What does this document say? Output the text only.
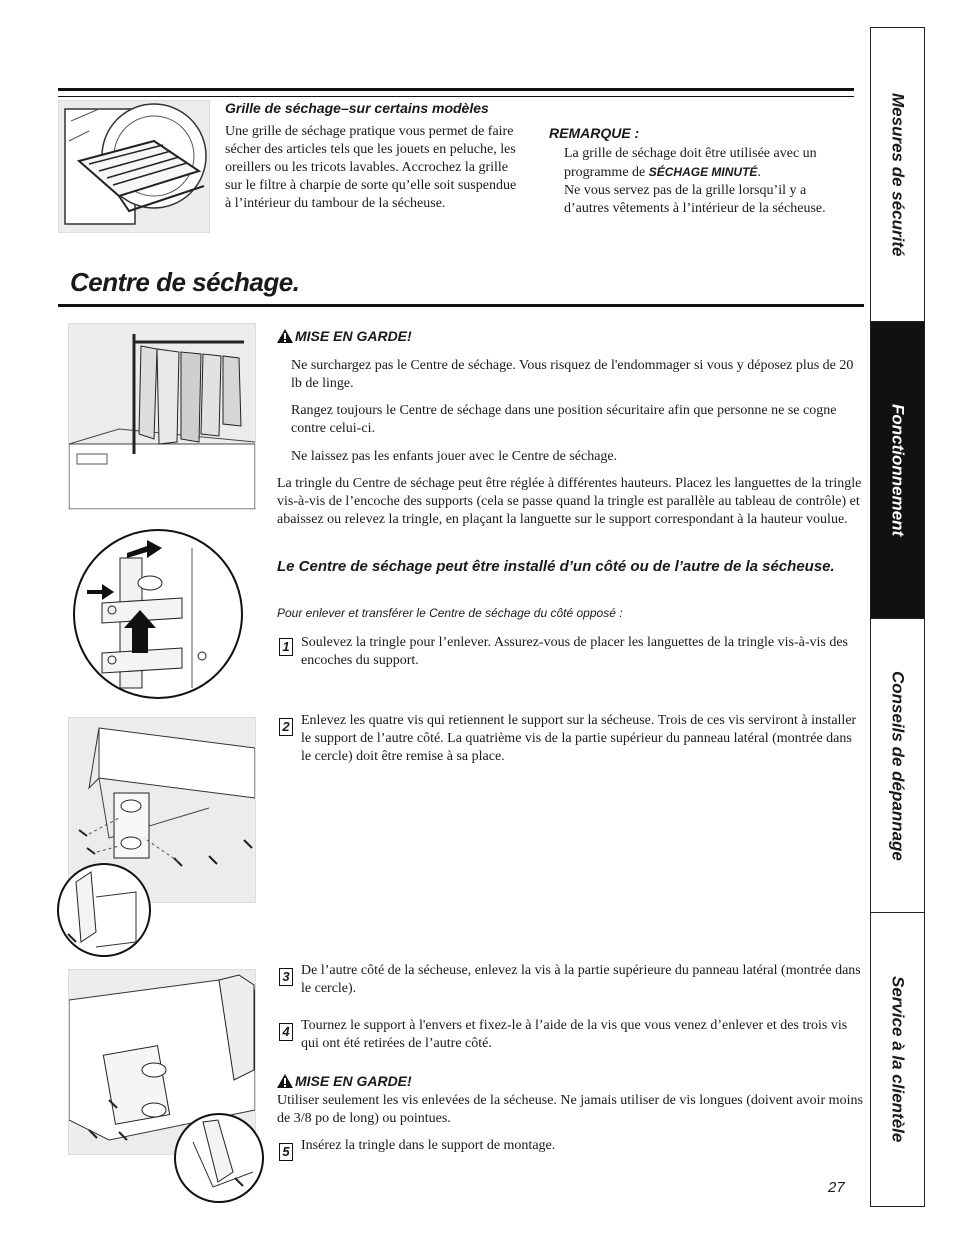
Grille de séchage–sur certains modèles
Une grille de séchage pratique vous permet de faire sécher des articles tels que les jouets en peluche, les oreillers ou les tricots lavables. Accrochez la grille sur le filtre à charpie de sorte qu’elle soit suspendue à l’intérieur du tambour de la sécheuse.
REMARQUE :
La grille de séchage doit être utilisée avec un programme de SÉCHAGE MINUTÉ.
Ne vous servez pas de la grille lorsqu’il y a d’autres vêtements à l’intérieur de la sécheuse.
Centre de séchage.
MISE EN GARDE!
Ne surchargez pas le Centre de séchage. Vous risquez de l'endommager si vous y déposez plus de 20 lb de linge.
Rangez toujours le Centre de séchage dans une position sécuritaire afin que personne ne se cogne contre celui-ci.
Ne laissez pas les enfants jouer avec le Centre de séchage.
La tringle du Centre de séchage peut être réglée à différentes hauteurs. Placez les languettes de la tringle vis-à-vis de l’encoche des supports (cela se passe quand la tringle est parallèle au tableau de contrôle) et abaissez ou relevez la tringle, en plaçant la languette sur le support correspondant à la hauteur voulue.
Le Centre de séchage peut être installé d’un côté ou de l’autre de la sécheuse.
Pour enlever et transférer le Centre de séchage du côté opposé :
1 Soulevez la tringle pour l’enlever. Assurez-vous de placer les languettes de la tringle vis-à-vis des encoches du support.
2 Enlevez les quatre vis qui retiennent le support sur la sécheuse. Trois de ces vis serviront à installer le support de l’autre côté. La quatrième vis de la partie supérieur du panneau latéral (montrée dans le cercle) doit être remise à sa place.
3 De l’autre côté de la sécheuse, enlevez la vis à la partie supérieure du panneau latéral (montrée dans le cercle).
4 Tournez le support à l'envers et fixez-le à l’aide de la vis que vous venez d’enlever et des trois vis qui ont été retirées de l’autre côté.
MISE EN GARDE!
Utiliser seulement les vis enlevées de la sécheuse. Ne jamais utiliser de vis longues (doivent avoir moins de 3/8 po de long) ou pointues.
5 Insérez la tringle dans le support de montage.
27
Mesures de sécurité
Fonctionnement
Conseils de dépannage
Service à la clientèle
